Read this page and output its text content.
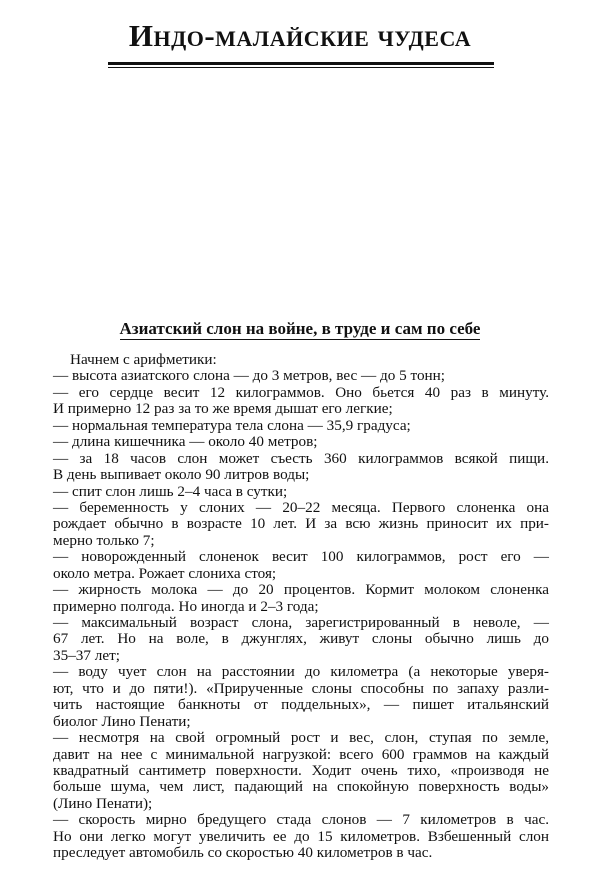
Индо-малайские чудеса
Азиатский слон на войне, в труде и сам по себе
Начнем с арифметики:
— высота азиатского слона — до 3 метров, вес — до 5 тонн;
— его сердце весит 12 килограммов. Оно бьется 40 раз в минуту.
И примерно 12 раз за то же время дышат его легкие;
— нормальная температура тела слона — 35,9 градуса;
— длина кишечника — около 40 метров;
— за 18 часов слон может съесть 360 килограммов всякой пищи.
В день выпивает около 90 литров воды;
— спит слон лишь 2–4 часа в сутки;
— беременность у слоних — 20–22 месяца. Первого слоненка она
рождает обычно в возрасте 10 лет. И за всю жизнь приносит их при-
мерно только 7;
— новорожденный слоненок весит 100 килограммов, рост его —
около метра. Рожает слониха стоя;
— жирность молока — до 20 процентов. Кормит молоком слоненка
примерно полгода. Но иногда и 2–3 года;
— максимальный возраст слона, зарегистрированный в неволе, —
67 лет. Но на воле, в джунглях, живут слоны обычно лишь до
35–37 лет;
— воду чует слон на расстоянии до километра (а некоторые уверя-
ют, что и до пяти!). «Прирученные слоны способны по запаху разли-
чить настоящие банкноты от поддельных», — пишет итальянский
биолог Лино Пенати;
— несмотря на свой огромный рост и вес, слон, ступая по земле,
давит на нее с минимальной нагрузкой: всего 600 граммов на каждый
квадратный сантиметр поверхности. Ходит очень тихо, «производя не
больше шума, чем лист, падающий на спокойную поверхность воды»
(Лино Пенати);
— скорость мирно бредущего стада слонов — 7 километров в час.
Но они легко могут увеличить ее до 15 километров. Взбешенный слон
преследует автомобиль со скоростью 40 километров в час.
